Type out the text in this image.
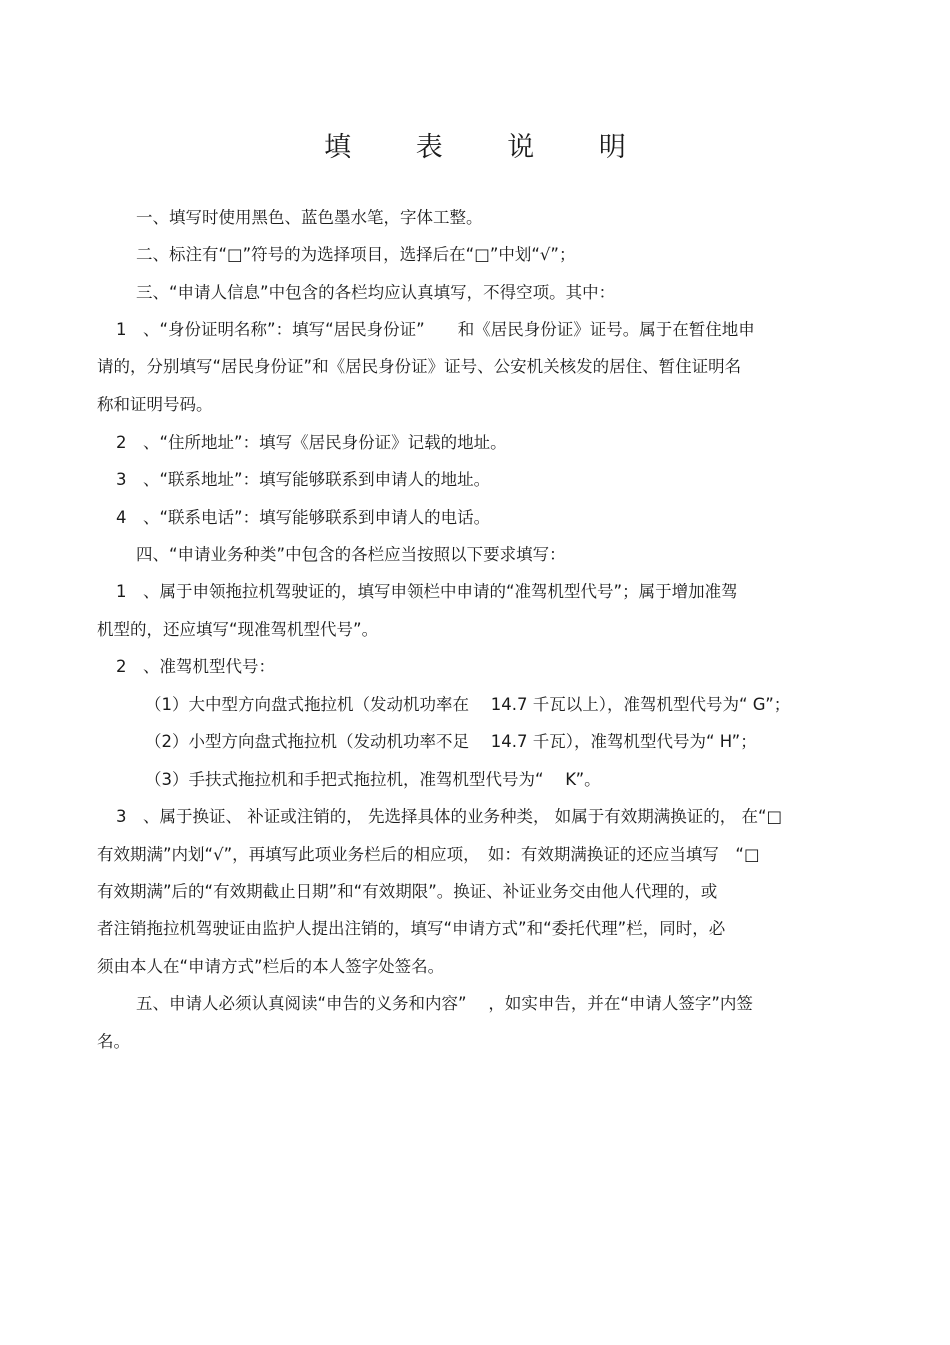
填 表 说 明
一、填写时使用黑色、蓝色墨水笔，字体工整。
二、标注有“□”符号的为选择项目，选择后在“□”中划“√”；
三、“申请人信息”中包含的各栏均应认真填写，不得空项。其中：
1　、“身份证明名称”：填写“居民身份证”　　和《居民身份证》证号。属于在暂住地申
请的，分别填写“居民身份证”和《居民身份证》证号、公安机关核发的居住、暂住证明名
称和证明号码。
2　、“住所地址”：填写《居民身份证》记载的地址。
3　、“联系地址”：填写能够联系到申请人的地址。
4　、“联系电话”：填写能够联系到申请人的电话。
四、“申请业务种类”中包含的各栏应当按照以下要求填写：
1　、属于申领拖拉机驾驶证的，填写申领栏中申请的“准驾机型代号”；属于增加准驾
机型的，还应填写“现准驾机型代号”。
2　、准驾机型代号：
（1）大中型方向盘式拖拉机（发动机功率在　 14.7 千瓦以上），准驾机型代号为“ G”；
（2）小型方向盘式拖拉机（发动机功率不足　 14.7 千瓦），准驾机型代号为“ H”；
（3）手扶式拖拉机和手把式拖拉机，准驾机型代号为“　 K”。
3　、属于换证、 补证或注销的， 先选择具体的业务种类， 如属于有效期满换证的， 在“□
有效期满”内划“√”，再填写此项业务栏后的相应项，　如：有效期满换证的还应当填写　“□
有效期满”后的“有效期截止日期”和“有效期限”。换证、补证业务交由他人代理的，或
者注销拖拉机驾驶证由监护人提出注销的，填写“申请方式”和“委托代理”栏，同时，必
须由本人在“申请方式”栏后的本人签字处签名。
五、申请人必须认真阅读“申告的义务和内容”　 ，如实申告，并在“申请人签字”内签
名。
